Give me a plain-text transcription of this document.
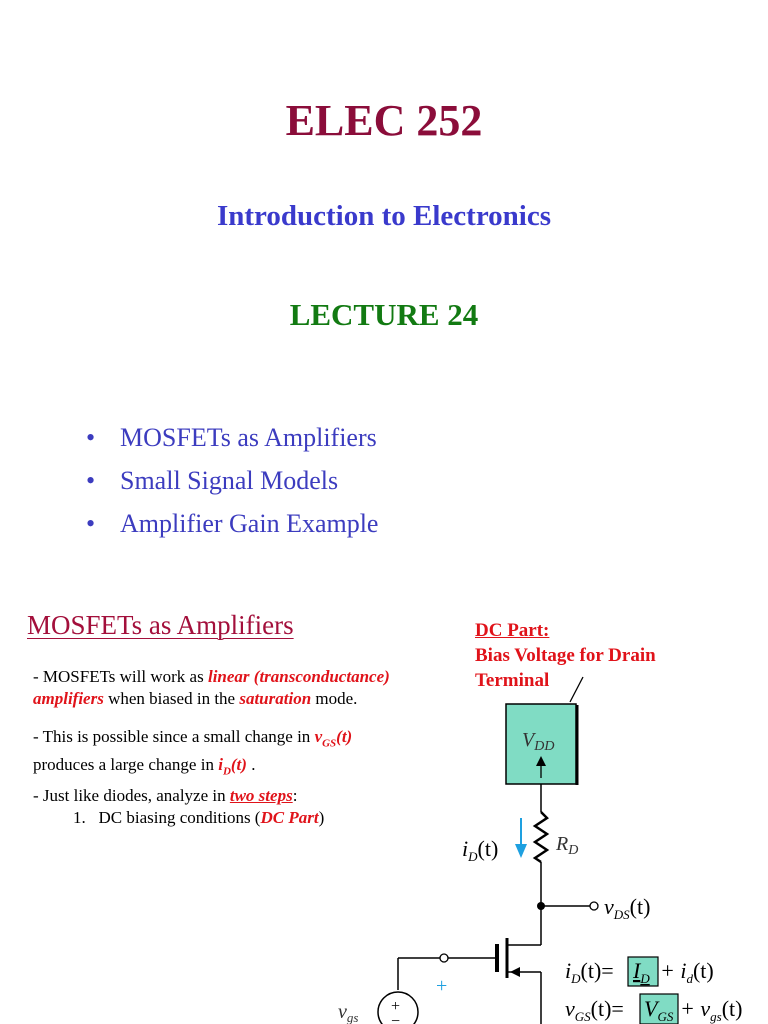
ELEC 252
Introduction to Electronics
LECTURE 24
• MOSFETs as Amplifiers
• Small Signal Models
• Amplifier Gain Example
MOSFETs as Amplifiers
- MOSFETs will work as linear (transconductance)
amplifiers when biased in the saturation mode.
- This is possible since a small change in $v_{GS}(t)$
produces a large change in $i_D(t)$ .
- Just like diodes, analyze in two steps:
1. DC biasing conditions (DC Part)
DC Part:
Bias Voltage for Drain
Terminal
$V_{DD}$
$R_D$
$i_D(t)$
$v_{DS}(t)$
+
+
−
$v_{gs}$
$i_D(t)= I_D + i_d(t)$
$v_{GS}(t)= V_{GS} + v_{gs}(t)$
